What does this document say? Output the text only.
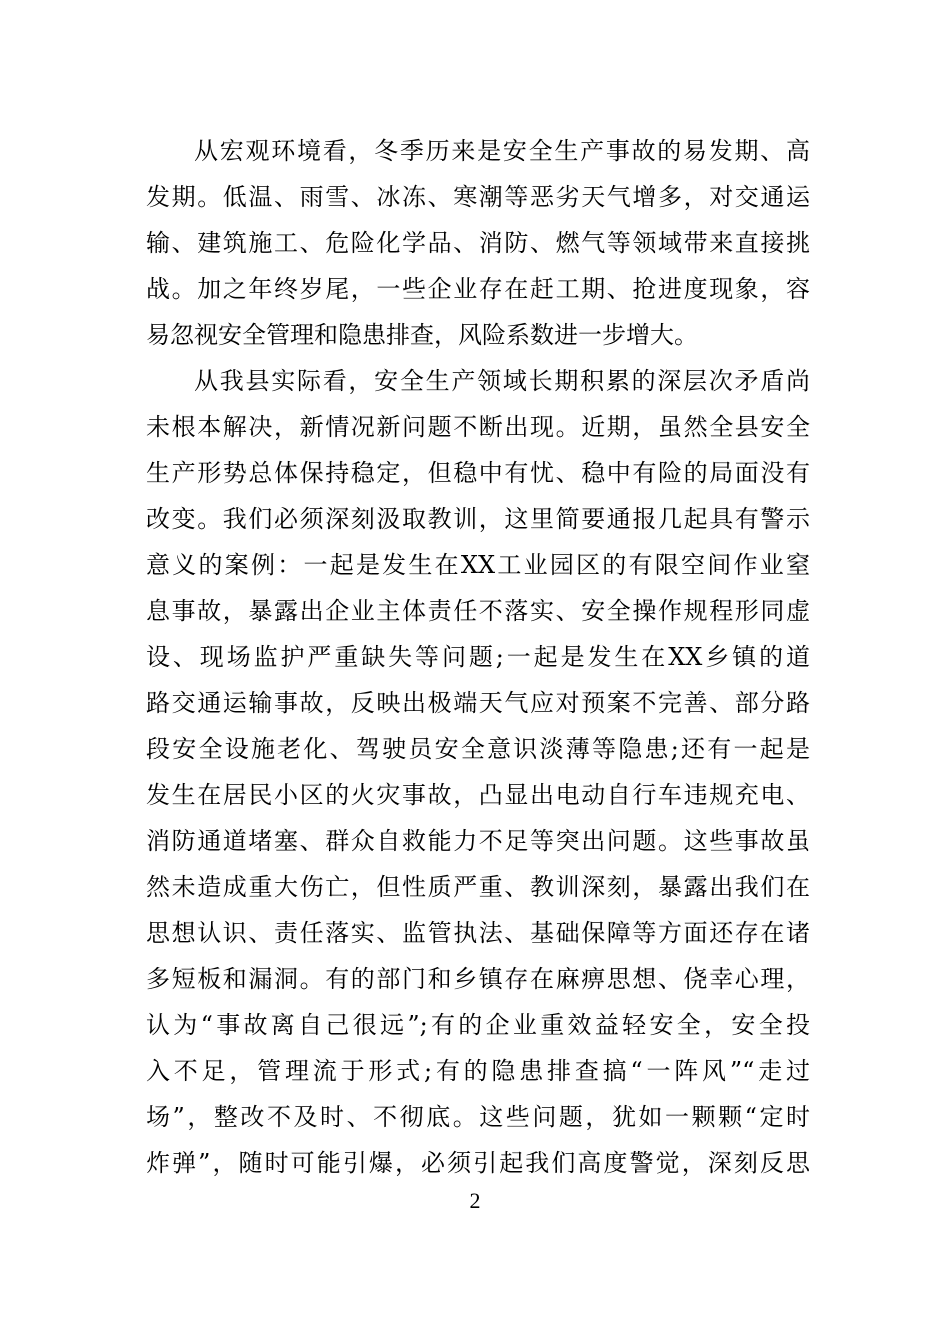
从宏观环境看，冬季历来是安全生产事故的易发期、高
发期。低温、雨雪、冰冻、寒潮等恶劣天气增多，对交通运
输、建筑施工、危险化学品、消防、燃气等领域带来直接挑
战。加之年终岁尾，一些企业存在赶工期、抢进度现象，容
易忽视安全管理和隐患排查，风险系数进一步增大。
从我县实际看，安全生产领域长期积累的深层次矛盾尚
未根本解决，新情况新问题不断出现。近期，虽然全县安全
生产形势总体保持稳定，但稳中有忧、稳中有险的局面没有
改变。我们必须深刻汲取教训，这里简要通报几起具有警示
意义的案例：一起是发生在XX工业园区的有限空间作业窒
息事故，暴露出企业主体责任不落实、安全操作规程形同虚
设、现场监护严重缺失等问题;一起是发生在XX乡镇的道
路交通运输事故，反映出极端天气应对预案不完善、部分路
段安全设施老化、驾驶员安全意识淡薄等隐患;还有一起是
发生在居民小区的火灾事故，凸显出电动自行车违规充电、
消防通道堵塞、群众自救能力不足等突出问题。这些事故虽
然未造成重大伤亡，但性质严重、教训深刻，暴露出我们在
思想认识、责任落实、监管执法、基础保障等方面还存在诸
多短板和漏洞。有的部门和乡镇存在麻痹思想、侥幸心理，
认为“事故离自己很远”;有的企业重效益轻安全，安全投
入不足，管理流于形式;有的隐患排查搞“一阵风”“走过
场”，整改不及时、不彻底。这些问题，犹如一颗颗“定时
炸弹”，随时可能引爆，必须引起我们高度警觉，深刻反思
2
